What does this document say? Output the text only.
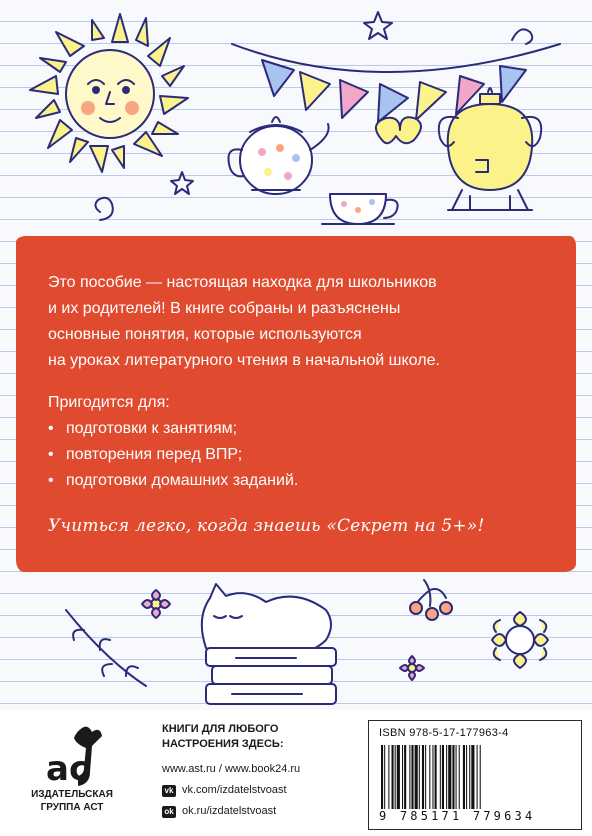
Это пособие — настоящая находка для школьников

и их родителей! В книге собраны и разъяснены

основные понятия, которые используются

на уроках литературного чтения в начальной школе.

Пригодится для:

• подготовки к занятиям;
• повторения перед ВПР;
• подготовки домашних заданий.
Учиться легко, когда знаешь «Секрет на 5+»!
ac
ИЗДАТЕЛЬСКАЯ
ГРУППА АСТ
КНИГИ ДЛЯ ЛЮБОГО
НАСТРОЕНИЯ ЗДЕСЬ:
www.ast.ru / www.book24.ru
vk vk.com/izdatelstvoast
ok ok.ru/izdatelstvoast
ISBN 978-5-17-177963-4
9 785171 779634
